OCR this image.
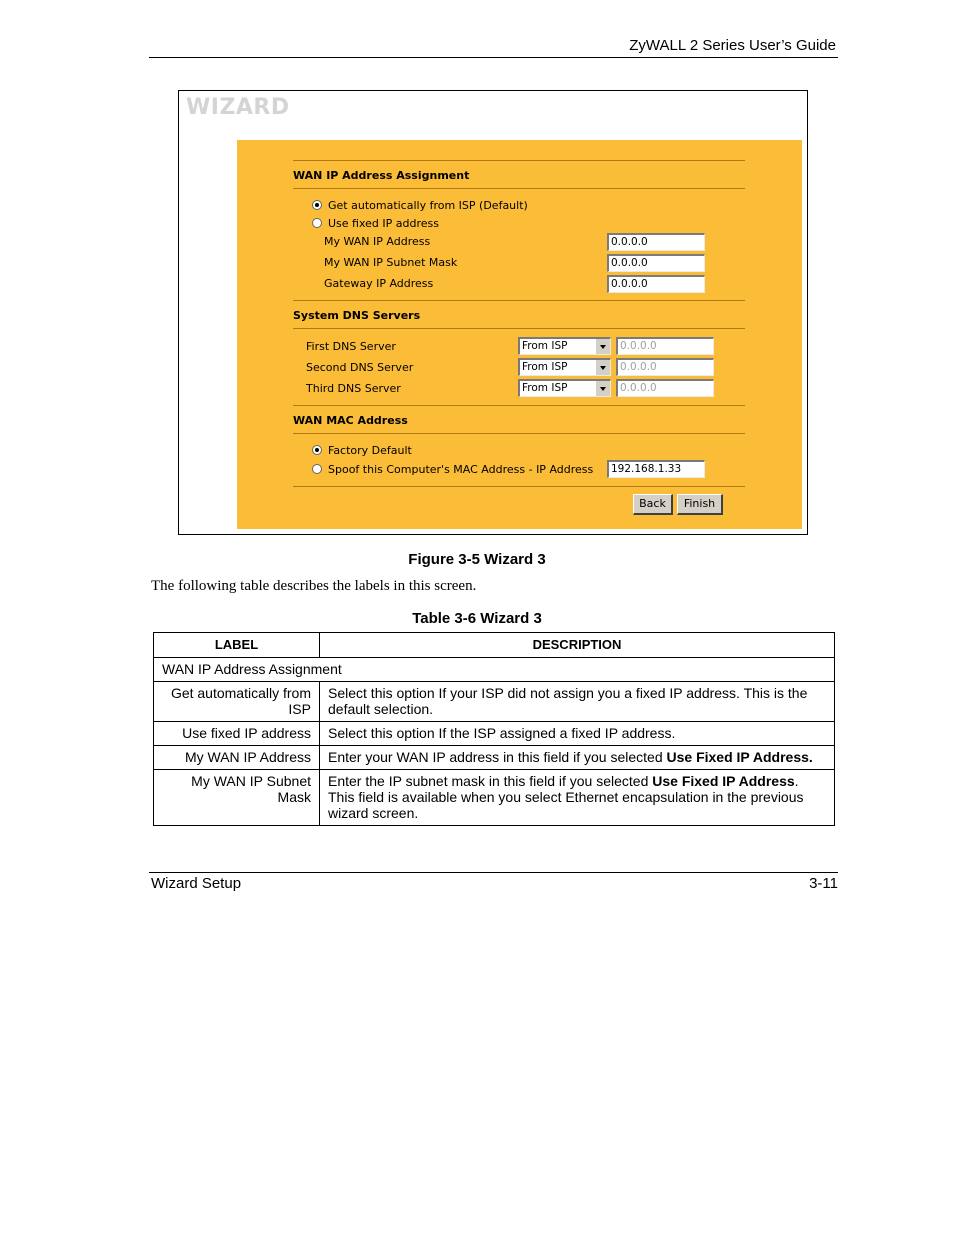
ZyWALL 2 Series User’s Guide
WIZARD
WAN IP Address Assignment
Get automatically from ISP (Default)
Use fixed IP address
My WAN IP Address	0.0.0.0
My WAN IP Subnet Mask	0.0.0.0
Gateway IP Address	0.0.0.0
System DNS Servers
First DNS Server	From ISP	0.0.0.0
Second DNS Server	From ISP	0.0.0.0
Third DNS Server	From ISP	0.0.0.0
WAN MAC Address
Factory Default
Spoof this Computer's MAC Address - IP Address	192.168.1.33
Back	Finish
Figure 3-5 Wizard 3
The following table describes the labels in this screen.
Table 3-6 Wizard 3
LABEL	DESCRIPTION
WAN IP Address Assignment	
Get automatically from ISP	Select this option If your ISP did not assign you a fixed IP address. This is the default selection.
Use fixed IP address	Select this option If the ISP assigned a fixed IP address.
My WAN IP Address	Enter your WAN IP address in this field if you selected Use Fixed IP Address.
My WAN IP Subnet Mask	Enter the IP subnet mask in this field if you selected Use Fixed IP Address. This field is available when you select Ethernet encapsulation in the previous wizard screen.
Wizard Setup	3-11
